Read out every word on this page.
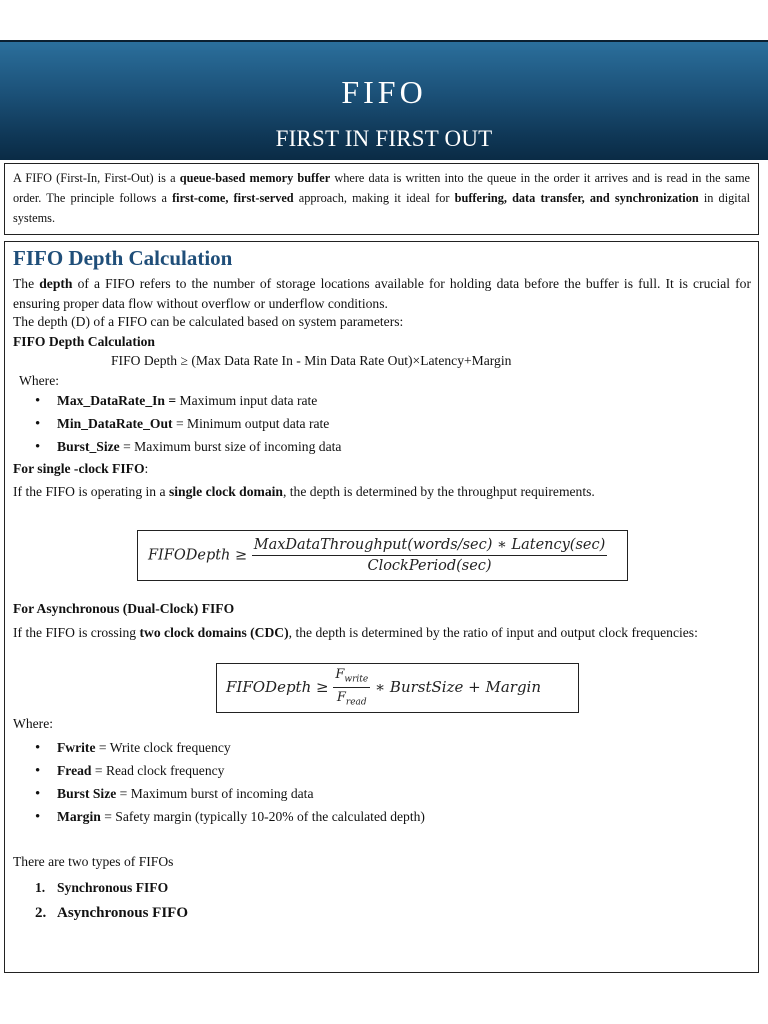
FIFO
FIRST IN FIRST OUT
A FIFO (First-In, First-Out) is a queue-based memory buffer where data is written into the queue in the order it arrives and is read in the same order. The principle follows a first-come, first-served approach, making it ideal for buffering, data transfer, and synchronization in digital systems.
FIFO Depth Calculation
The depth of a FIFO refers to the number of storage locations available for holding data before the buffer is full. It is crucial for ensuring proper data flow without overflow or underflow conditions.
The depth (D) of a FIFO can be calculated based on system parameters:
FIFO Depth Calculation
FIFO Depth ≥ (Max Data Rate In - Min Data Rate Out)×Latency+Margin
Where:
• Max_DataRate_In = Maximum input data rate
• Min_DataRate_Out = Minimum output data rate
• Burst_Size = Maximum burst size of incoming data
For single -clock FIFO:
If the FIFO is operating in a single clock domain, the depth is determined by the throughput requirements.
FIFODepth ≥ $\frac{\text{MaxDataThroughput(words/sec) ∗ Latency(sec)}}{\text{ClockPeriod(sec)}}$
For Asynchronous (Dual-Clock) FIFO
If the FIFO is crossing two clock domains (CDC), the depth is determined by the ratio of input and output clock frequencies:
FIFODepth ≥ $\frac{F_{write}}{F_{read}}$ ∗ BurstSize + Margin
Where:
• Fwrite = Write clock frequency
• Fread = Read clock frequency
• Burst Size = Maximum burst of incoming data
• Margin = Safety margin (typically 10-20% of the calculated depth)
There are two types of FIFOs
1. Synchronous FIFO
2. Asynchronous FIFO
